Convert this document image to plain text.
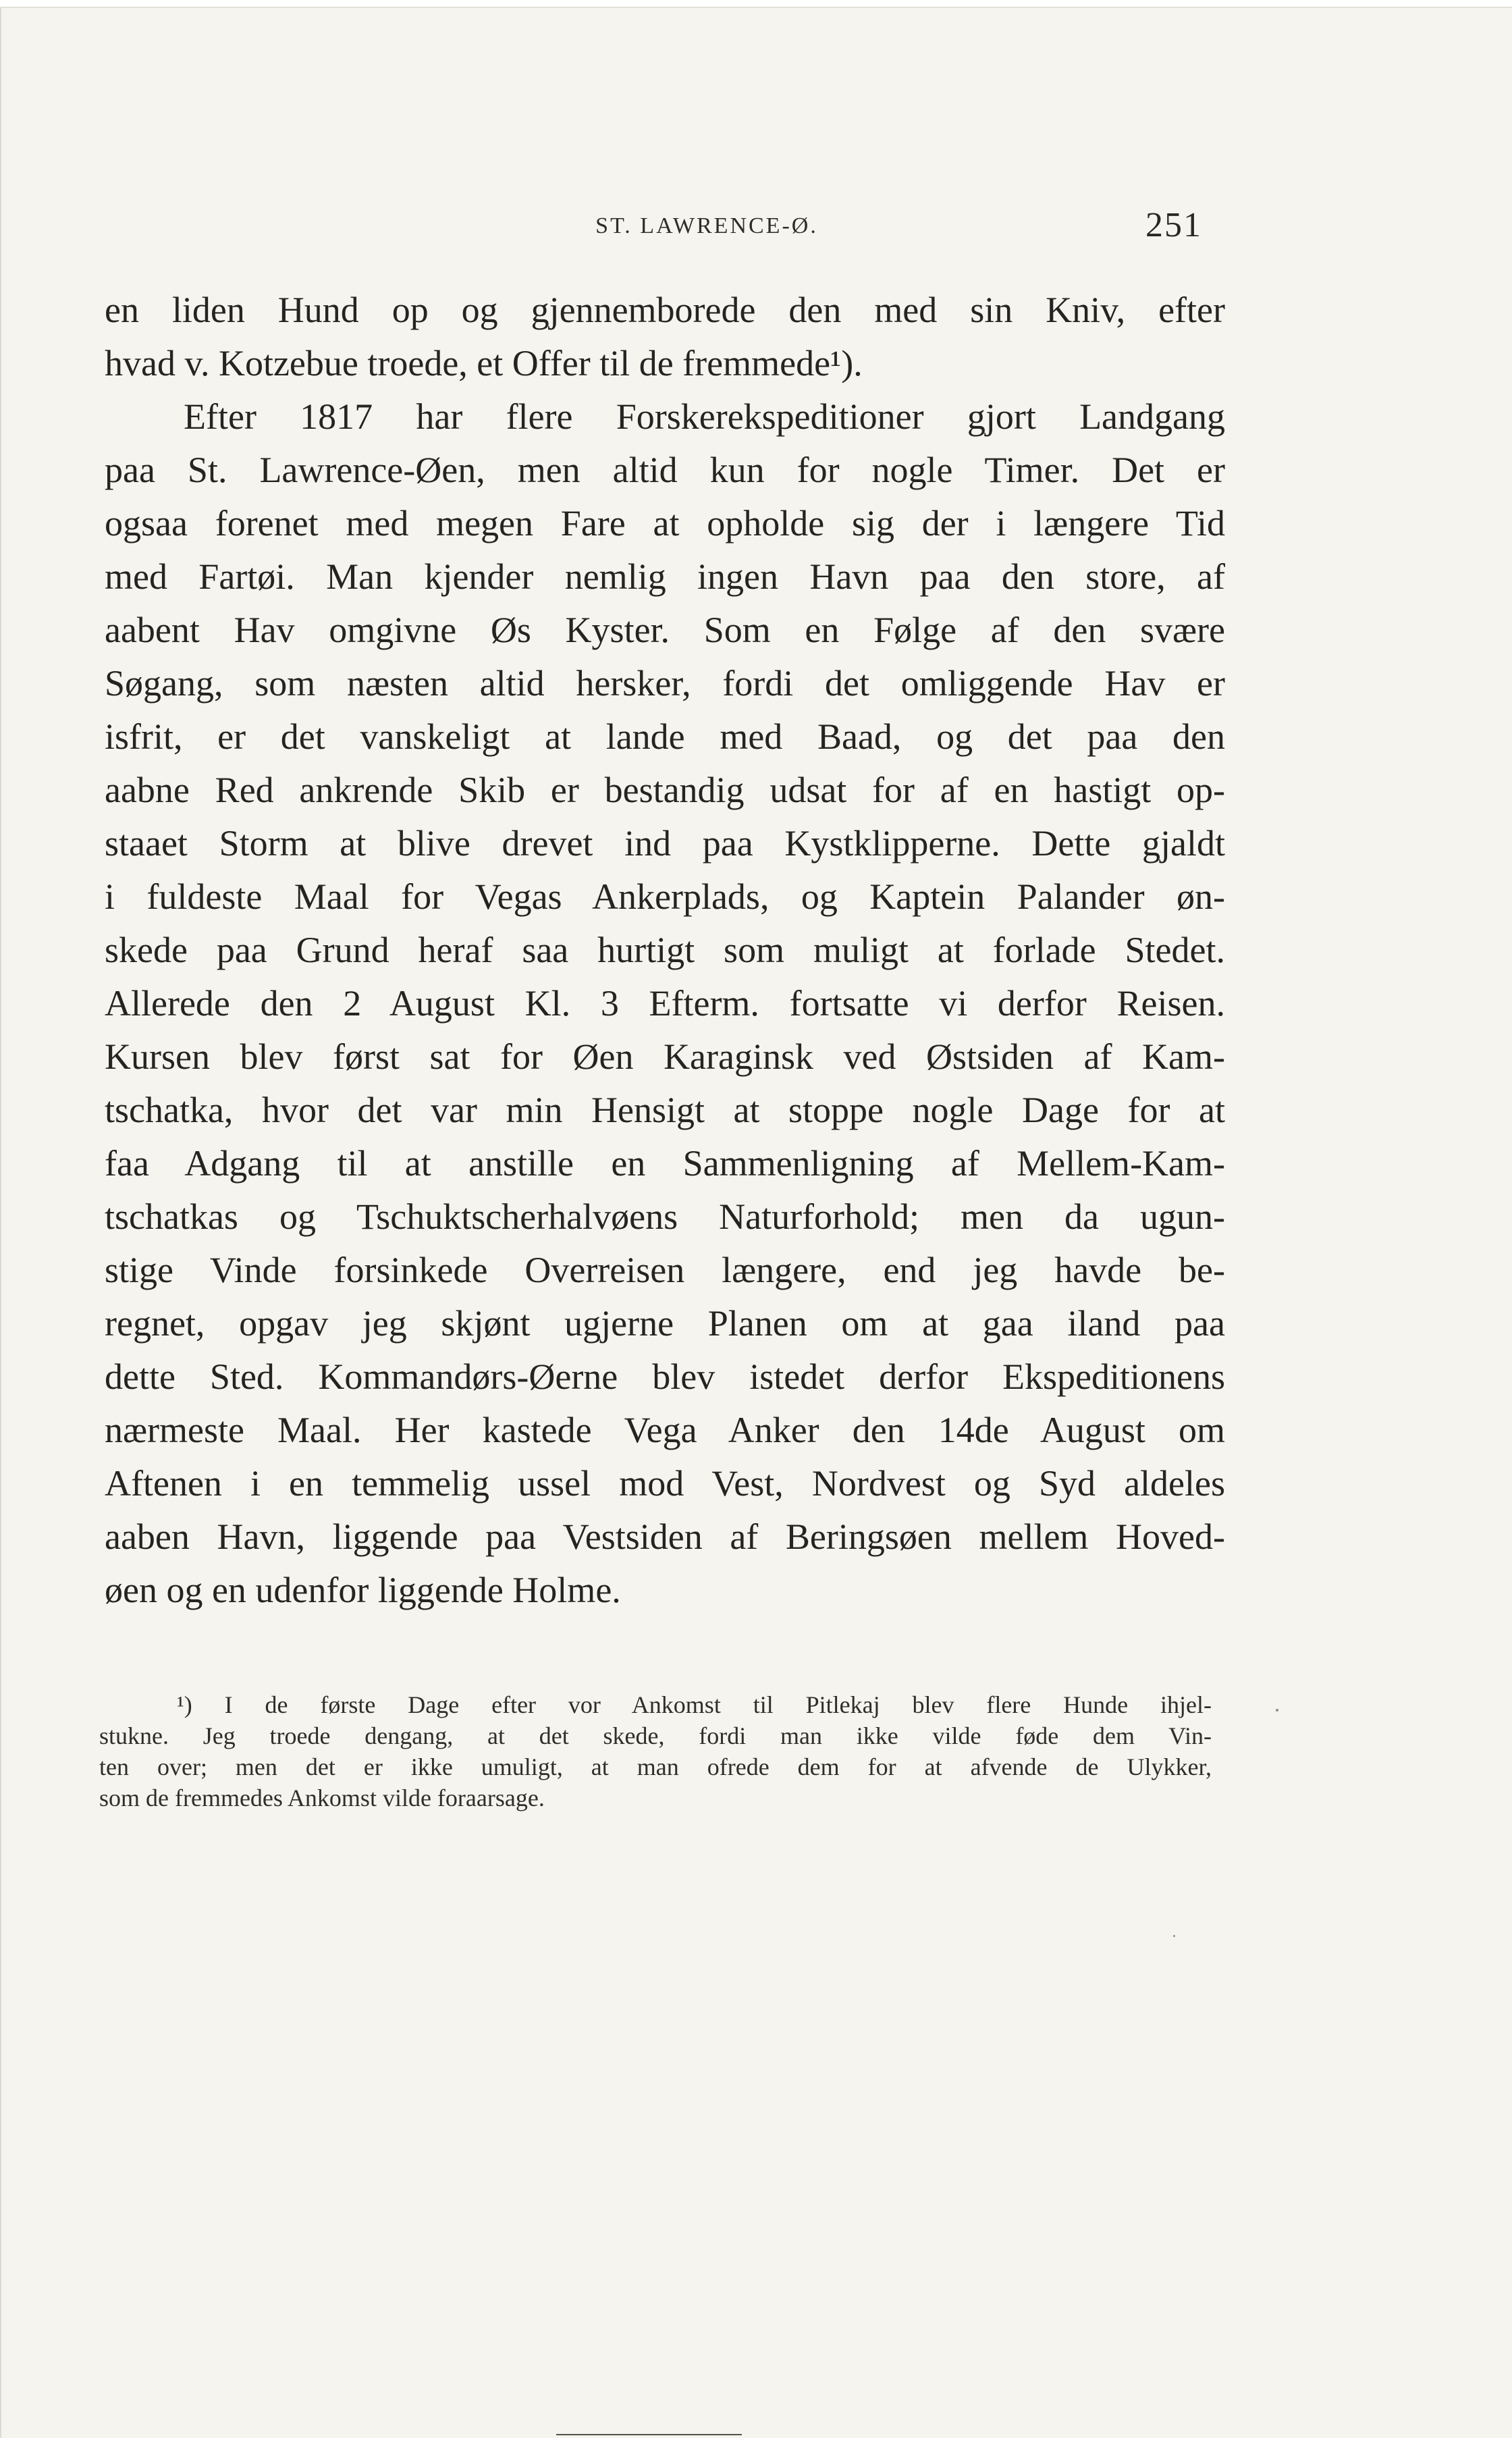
ST. LAWRENCE-Ø.	251
en liden Hund op og gjennemborede den med sin Kniv, efter
hvad v. Kotzebue troede, et Offer til de fremmede¹).
Efter 1817 har flere Forskerekspeditioner gjort Landgang
paa St. Lawrence-Øen, men altid kun for nogle Timer. Det er
ogsaa forenet med megen Fare at opholde sig der i længere Tid
med Fartøi. Man kjender nemlig ingen Havn paa den store, af
aabent Hav omgivne Øs Kyster. Som en Følge af den svære
Søgang, som næsten altid hersker, fordi det omliggende Hav er
isfrit, er det vanskeligt at lande med Baad, og det paa den
aabne Red ankrende Skib er bestandig udsat for af en hastigt op-
staaet Storm at blive drevet ind paa Kystklipperne. Dette gjaldt
i fuldeste Maal for Vegas Ankerplads, og Kaptein Palander øn-
skede paa Grund heraf saa hurtigt som muligt at forlade Stedet.
Allerede den 2 August Kl. 3 Efterm. fortsatte vi derfor Reisen.
Kursen blev først sat for Øen Karaginsk ved Østsiden af Kam-
tschatka, hvor det var min Hensigt at stoppe nogle Dage for at
faa Adgang til at anstille en Sammenligning af Mellem-Kam-
tschatkas og Tschuktscherhalvøens Naturforhold; men da ugun-
stige Vinde forsinkede Overreisen længere, end jeg havde be-
regnet, opgav jeg skjønt ugjerne Planen om at gaa iland paa
dette Sted. Kommandørs-Øerne blev istedet derfor Ekspeditionens
nærmeste Maal. Her kastede Vega Anker den 14de August om
Aftenen i en temmelig ussel mod Vest, Nordvest og Syd aldeles
aaben Havn, liggende paa Vestsiden af Beringsøen mellem Hoved-
øen og en udenfor liggende Holme.
¹) I de første Dage efter vor Ankomst til Pitlekaj blev flere Hunde ihjel-
stukne. Jeg troede dengang, at det skede, fordi man ikke vilde føde dem Vin-
ten over; men det er ikke umuligt, at man ofrede dem for at afvende de Ulykker,
som de fremmedes Ankomst vilde foraarsage.
